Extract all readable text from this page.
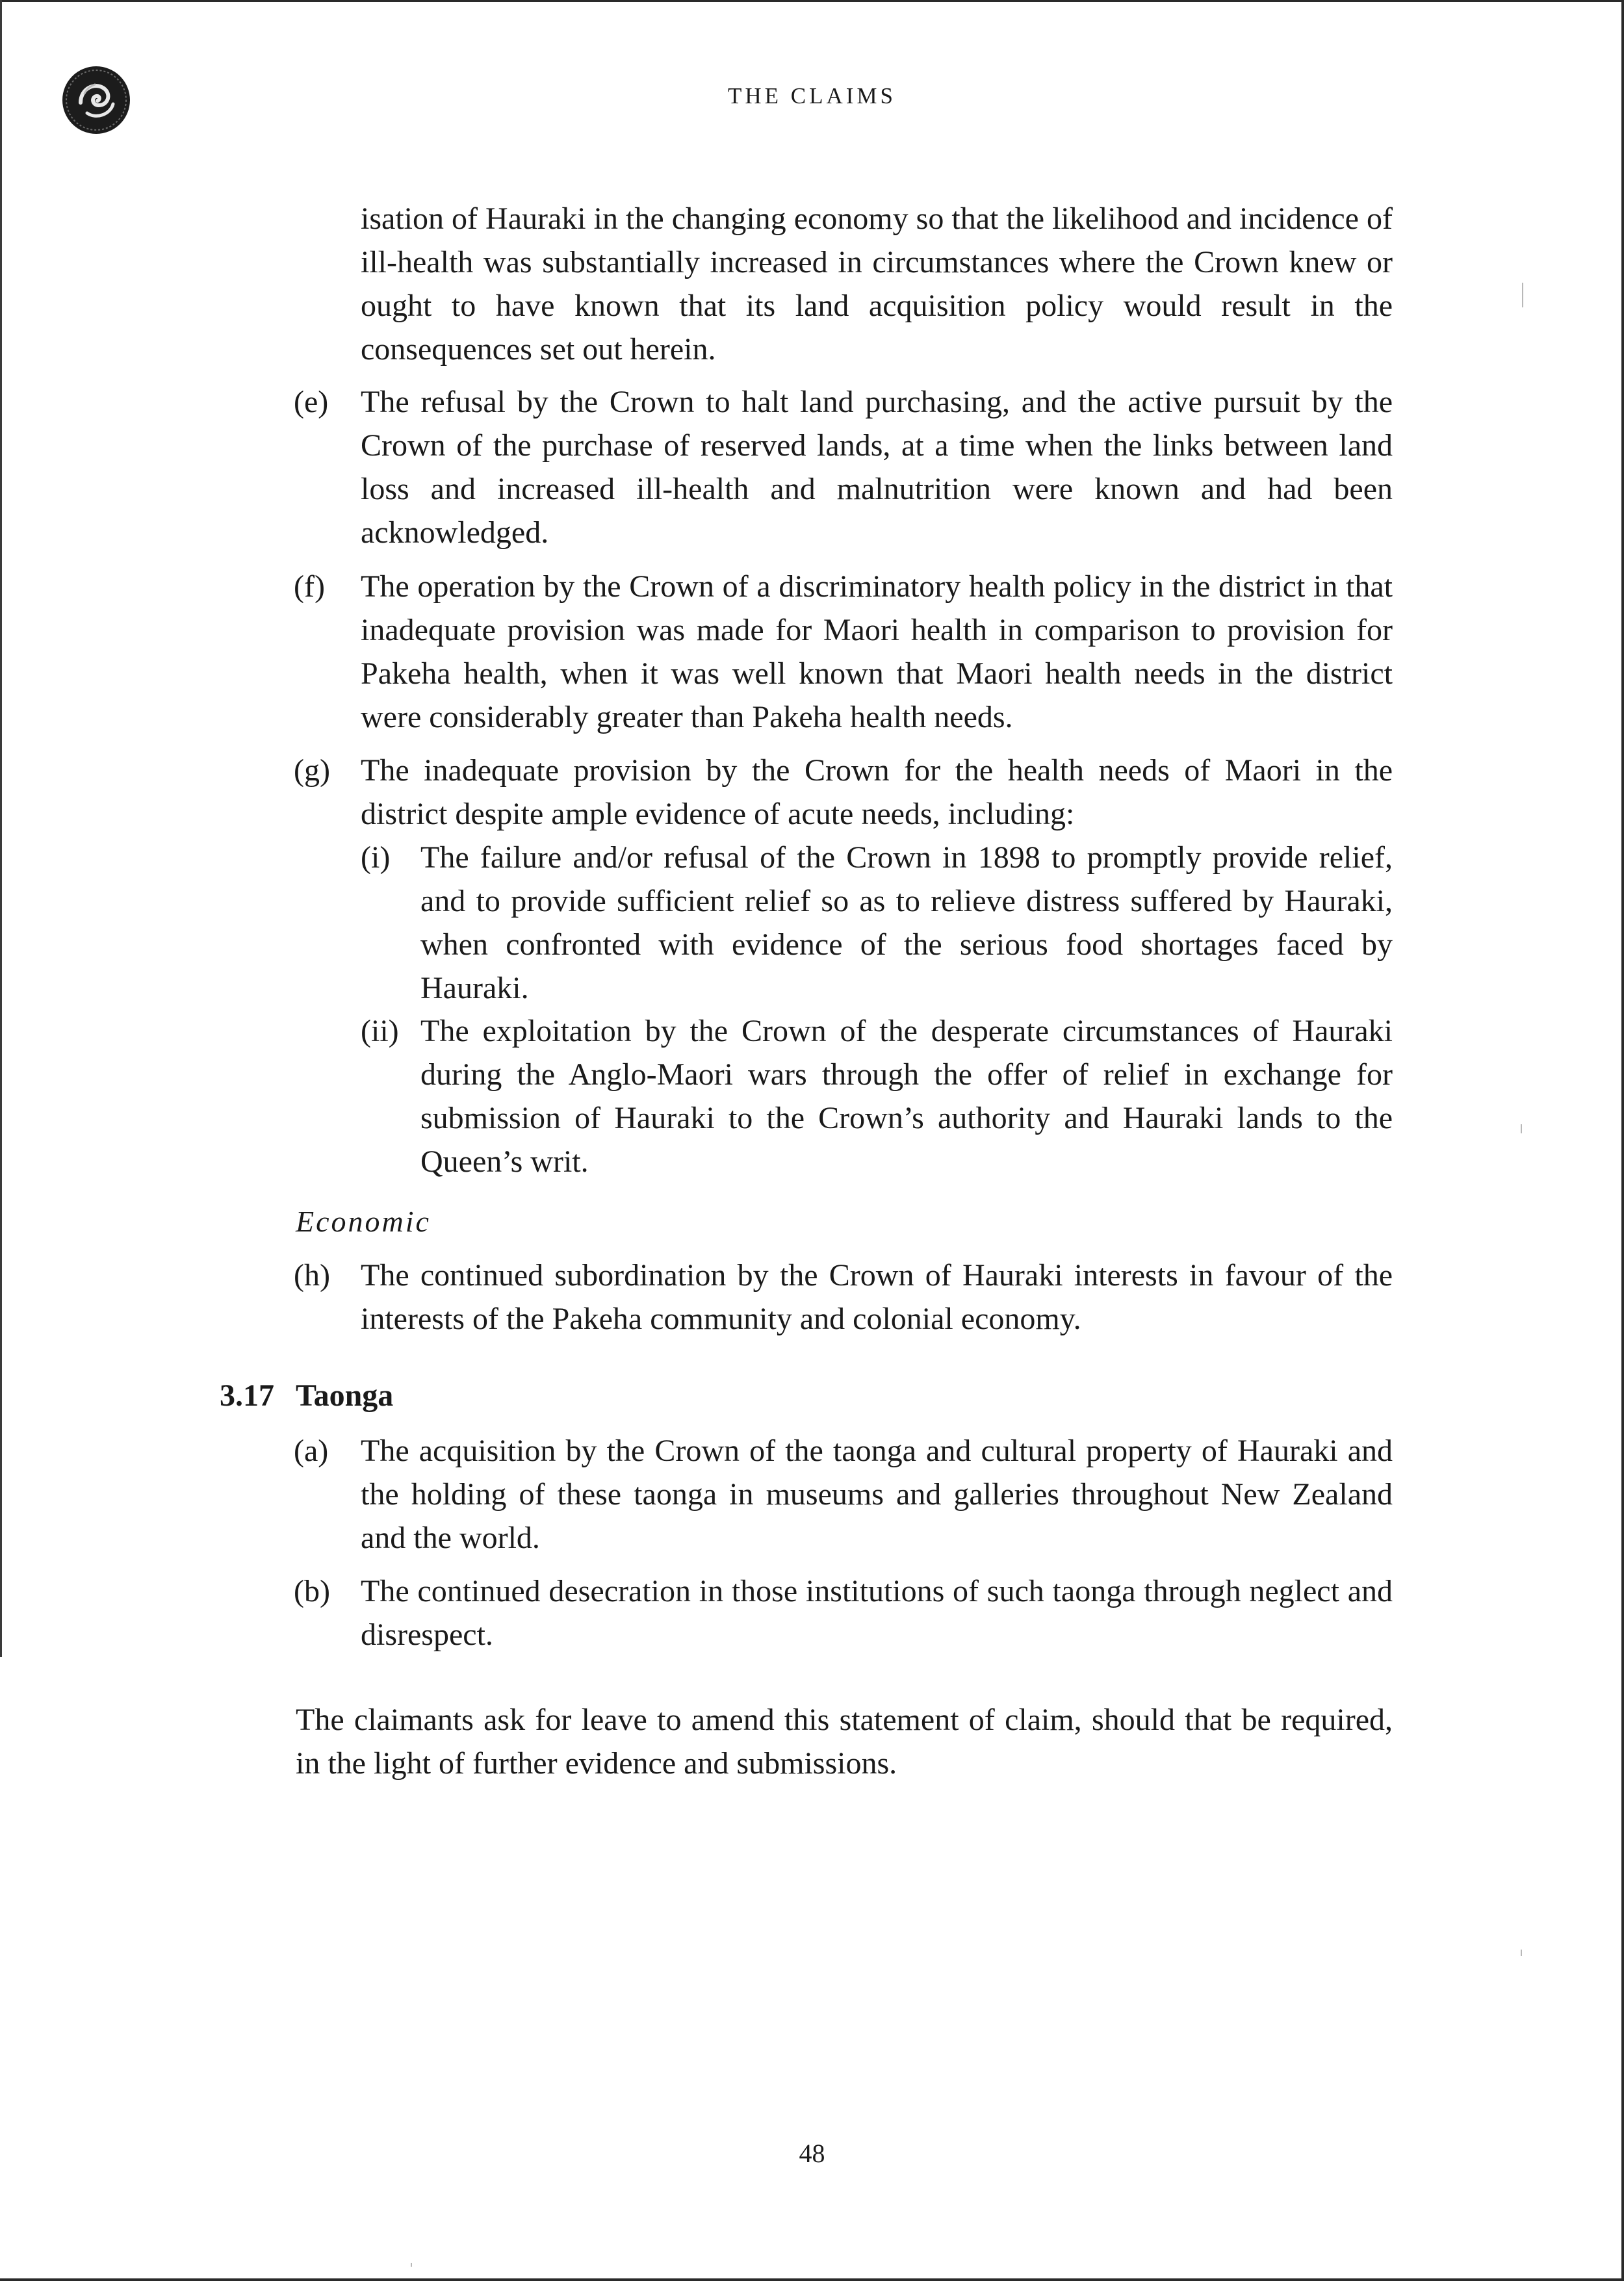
THE CLAIMS
isation of Hauraki in the changing economy so that the likelihood and incidence of ill-health was substantially increased in circumstances where the Crown knew or ought to have known that its land acquisition policy would result in the consequences set out herein.
(e) The refusal by the Crown to halt land purchasing, and the active pursuit by the Crown of the purchase of reserved lands, at a time when the links between land loss and increased ill-health and malnutrition were known and had been acknowledged.
(f) The operation by the Crown of a discriminatory health policy in the district in that inadequate provision was made for Maori health in comparison to provision for Pakeha health, when it was well known that Maori health needs in the district were considerably greater than Pakeha health needs.
(g) The inadequate provision by the Crown for the health needs of Maori in the district despite ample evidence of acute needs, including:
(i) The failure and/or refusal of the Crown in 1898 to promptly provide relief, and to provide sufficient relief so as to relieve distress suffered by Hauraki, when confronted with evidence of the serious food shortages faced by Hauraki.
(ii) The exploitation by the Crown of the desperate circumstances of Hauraki during the Anglo-Maori wars through the offer of relief in exchange for submission of Hauraki to the Crown’s authority and Hauraki lands to the Queen’s writ.
Economic
(h) The continued subordination by the Crown of Hauraki interests in favour of the interests of the Pakeha community and colonial economy.
3.17 Taonga
(a) The acquisition by the Crown of the taonga and cultural property of Hauraki and the holding of these taonga in museums and galleries throughout New Zealand and the world.
(b) The continued desecration in those institutions of such taonga through neglect and disrespect.
The claimants ask for leave to amend this statement of claim, should that be required, in the light of further evidence and submissions.
48
